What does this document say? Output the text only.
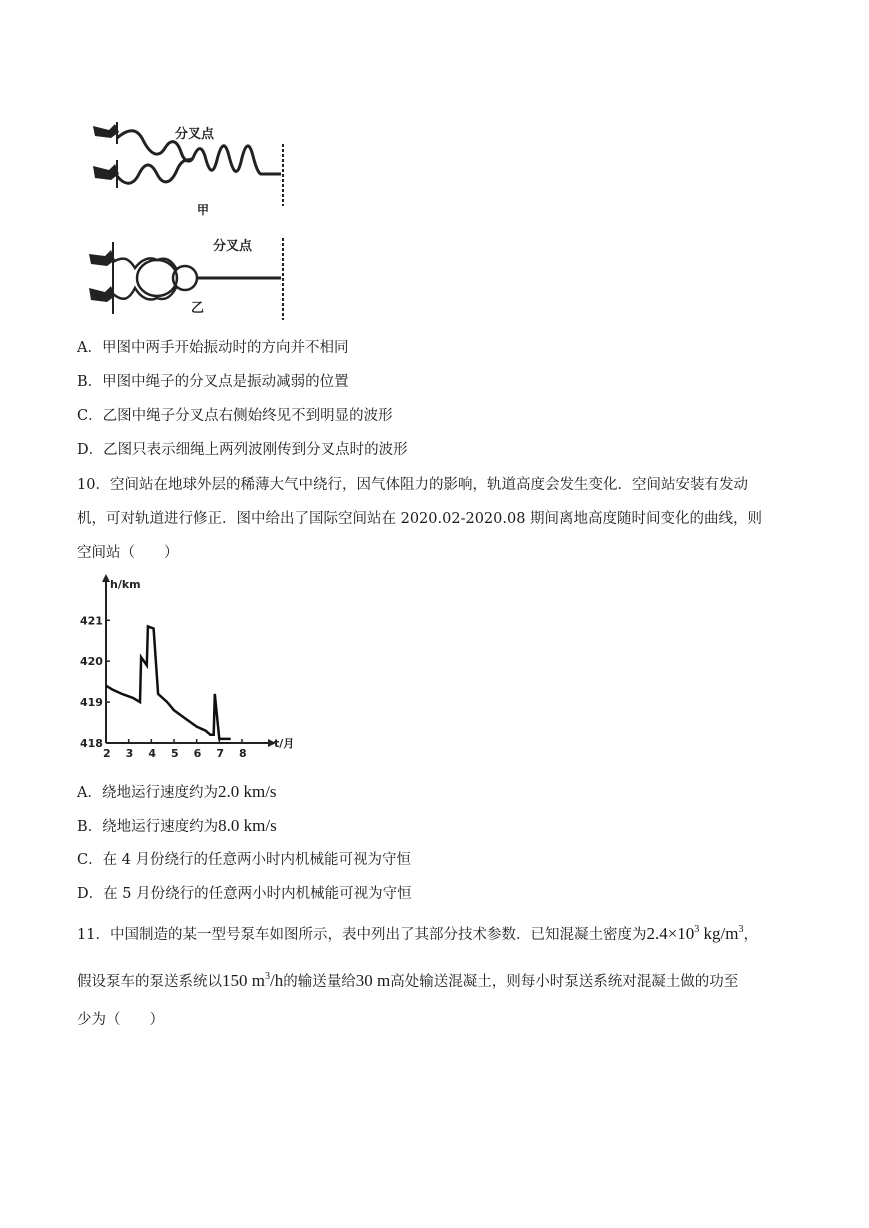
分叉点
甲
分叉点
乙
A．甲图中两手开始振动时的方向并不相同
B．甲图中绳子的分叉点是振动减弱的位置
C．乙图中绳子分叉点右侧始终见不到明显的波形
D．乙图只表示细绳上两列波刚传到分叉点时的波形
10．空间站在地球外层的稀薄大气中绕行，因气体阻力的影响，轨道高度会发生变化．空间站安装有发动
机，可对轨道进行修正．图中给出了国际空间站在 2020.02-2020.08 期间离地高度随时间变化的曲线，则
空间站（　　）
h/km
t/月
418
419
420
421
2 3 4 5 6 7 8
A．绕地运行速度约为2.0 km/s
B．绕地运行速度约为8.0 km/s
C．在 4 月份绕行的任意两小时内机械能可视为守恒
D．在 5 月份绕行的任意两小时内机械能可视为守恒
11．中国制造的某一型号泵车如图所示，表中列出了其部分技术参数．已知混凝土密度为$2.4\times 10^3$ $kg/m^3$，
假设泵车的泵送系统以150 $m^3/h$的输送量给30 m高处输送混凝土，则每小时泵送系统对混凝土做的功至
少为（　　）
